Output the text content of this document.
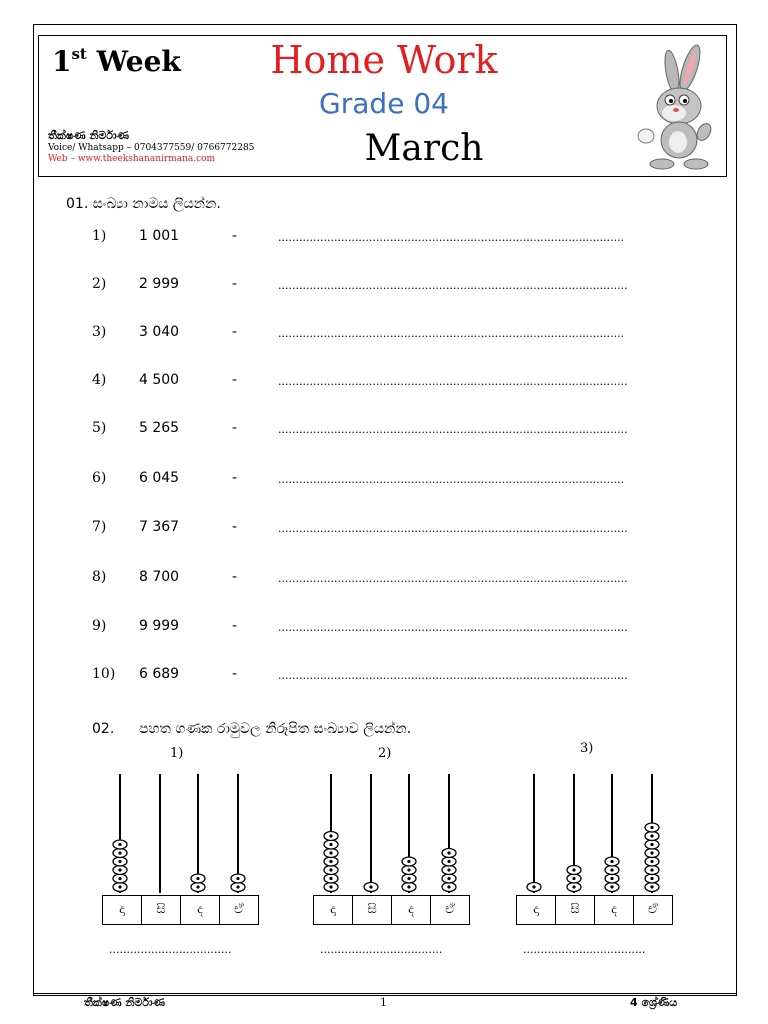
1st Week	Home Work
Grade 04
March
තීක්ෂණ නිර්මාණ
Voice/ Whatsapp – 0704377559/ 0766772285
Web – www.theekshananirmana.com
01. සංඛ්‍යා නාමය ලියන්න.
1) 1 001	-	...................................................................................................
2) 2 999	-	....................................................................................................
3) 3 040	-	...................................................................................................
4) 4 500	-	....................................................................................................
5) 5 265	-	....................................................................................................
6) 6 045	-	...................................................................................................
7) 7 367	-	....................................................................................................
8) 8 700	-	....................................................................................................
9) 9 999	-	....................................................................................................
10) 6 689	-	....................................................................................................
02. පහත ගණක රාමුවල නිරූපිත සංඛ්‍යාව ලියන්න.
1)
දා	සි	ද	ඒ
...................................
2)
දා	සි	ද	ඒ
...................................
3)
දා	සි	ද	ඒ
...................................
තීක්ෂණ නිර්මාණ	1	4 ශ්‍රේණිය
